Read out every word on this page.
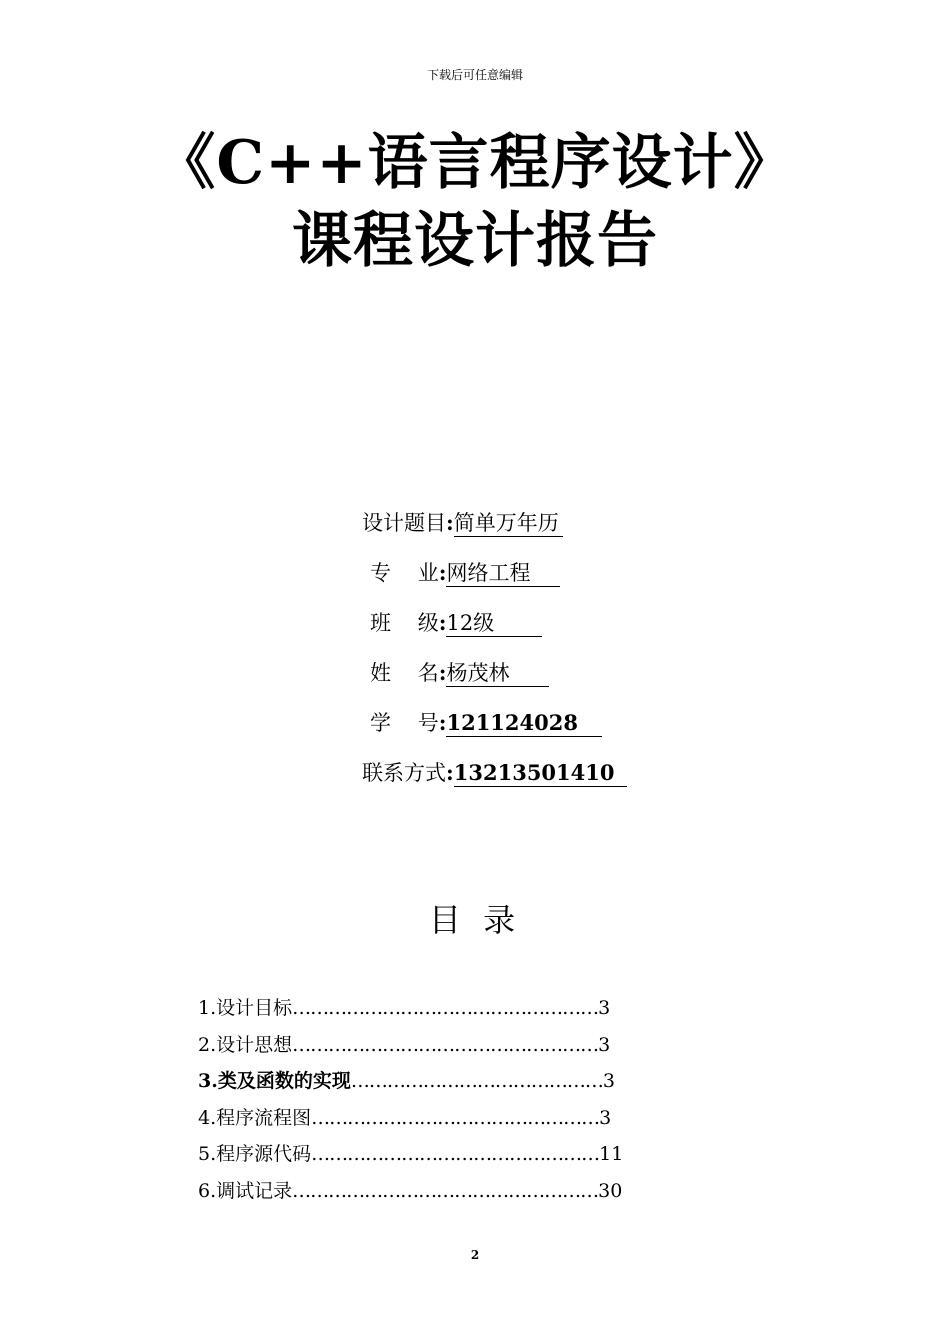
下载后可任意编辑
《C++语言程序设计》
课程设计报告
设计题目:简单万年历
专    业:网络工程
班    级:12级
姓    名:杨茂林
学    号:121124028
联系方式:13213501410
目 录
1.设计目标……………………………………………3
2.设计思想……………………………………………3
3.类及函数的实现……………………………………3
4.程序流程图…………………………………………3
5.程序源代码…………………………………………11
6.调试记录……………………………………………30
2
